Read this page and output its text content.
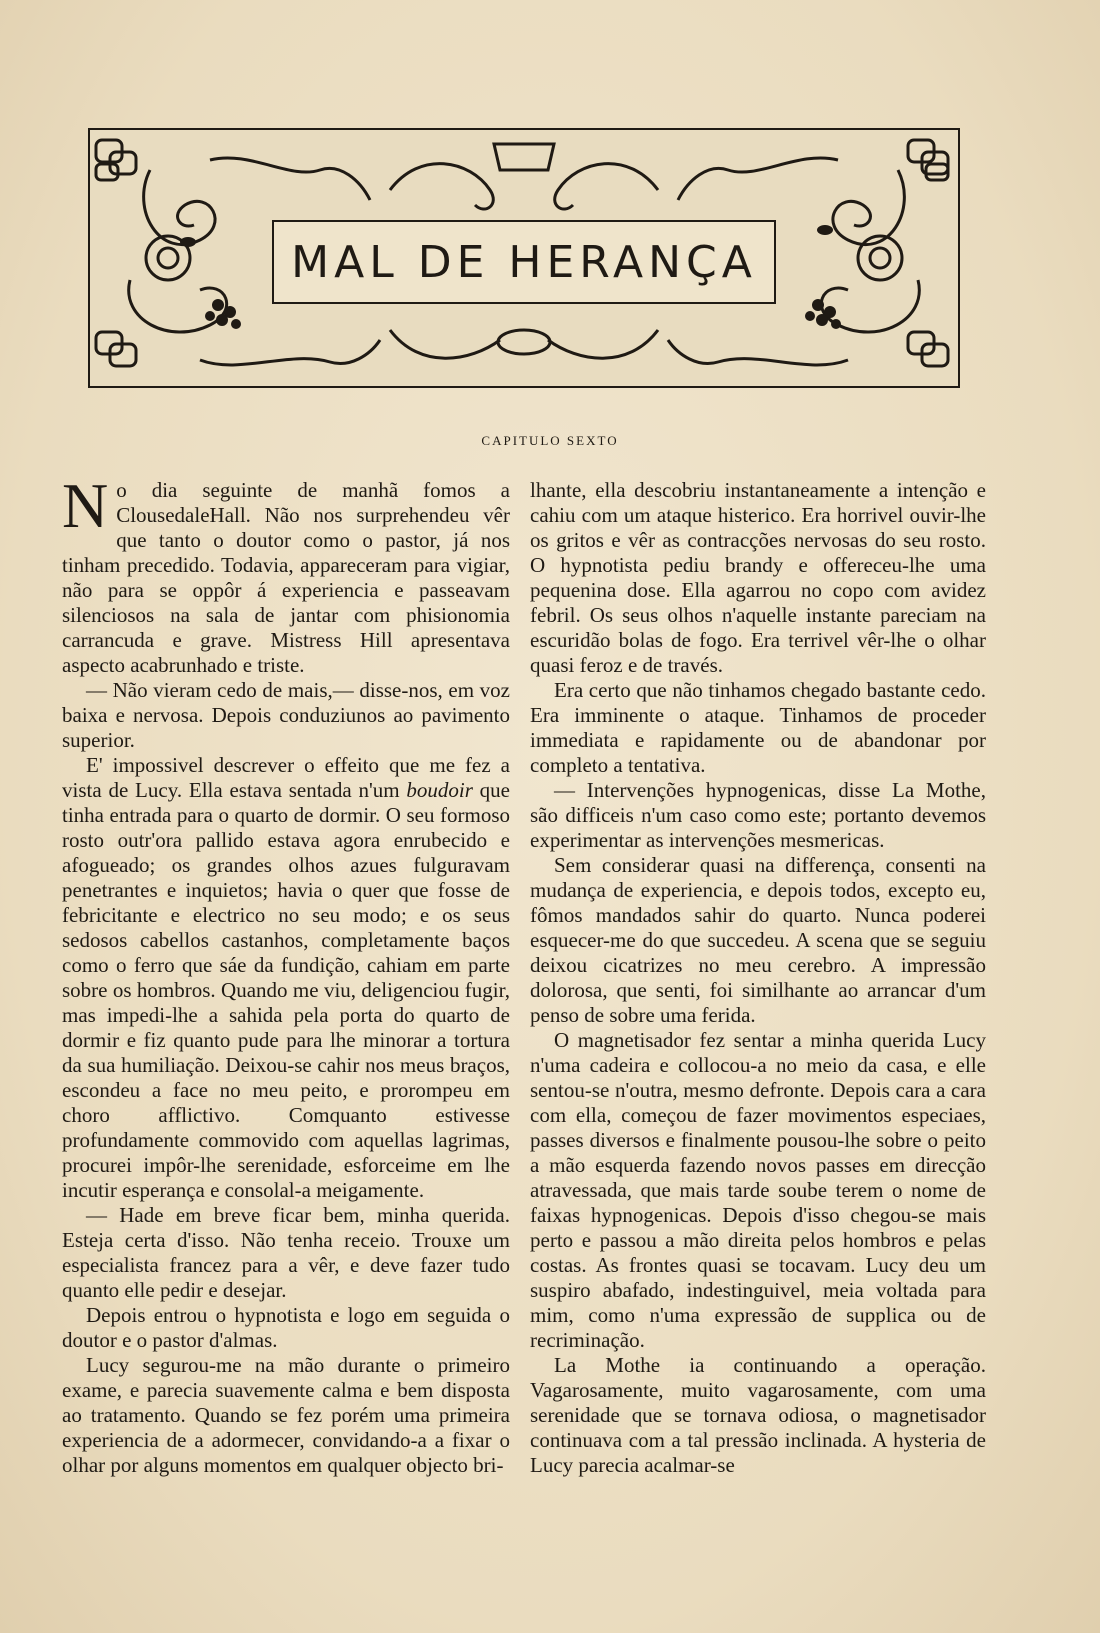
MAL DE HERANÇA
CAPITULO SEXTO

No dia seguinte de manhã fomos a ClousedaleHall. Não nos surprehendeu vêr que tanto o doutor como o pastor, já nos tinham precedido. Todavia, appareceram para vigiar, não para se oppôr á experiencia e passeavam silenciosos na sala de jantar com phisionomia carrancuda e grave. Mistress Hill apresentava aspecto acabrunhado e triste.

— Não vieram cedo de mais,— disse-nos, em voz baixa e nervosa. Depois conduziunos ao pavimento superior.

E' impossivel descrever o effeito que me fez a vista de Lucy. Ella estava sentada n'um boudoir que tinha entrada para o quarto de dormir. O seu formoso rosto outr'ora pallido estava agora enrubecido e afogueado; os grandes olhos azues fulguravam penetrantes e inquietos; havia o quer que fosse de febricitante e electrico no seu modo; e os seus sedosos cabellos castanhos, completamente baços como o ferro que sáe da fundição, cahiam em parte sobre os hombros. Quando me viu, deligenciou fugir, mas impedi-lhe a sahida pela porta do quarto de dormir e fiz quanto pude para lhe minorar a tortura da sua humiliação. Deixou-se cahir nos meus braços, escondeu a face no meu peito, e prorompeu em choro afflictivo. Comquanto estivesse profundamente commovido com aquellas lagrimas, procurei impôr-lhe serenidade, esforceime em lhe incutir esperança e consolal-a meigamente.

— Hade em breve ficar bem, minha querida. Esteja certa d'isso. Não tenha receio. Trouxe um especialista francez para a vêr, e deve fazer tudo quanto elle pedir e desejar.

Depois entrou o hypnotista e logo em seguida o doutor e o pastor d'almas.

Lucy segurou-me na mão durante o primeiro exame, e parecia suavemente calma e bem disposta ao tratamento. Quando se fez porém uma primeira experiencia de a adormecer, convidando-a a fixar o olhar por alguns momentos em qualquer objecto bri-

lhante, ella descobriu instantaneamente a intenção e cahiu com um ataque histerico. Era horrivel ouvir-lhe os gritos e vêr as contracções nervosas do seu rosto. O hypnotista pediu brandy e offereceu-lhe uma pequenina dose. Ella agarrou no copo com avidez febril. Os seus olhos n'aquelle instante pareciam na escuridão bolas de fogo. Era terrivel vêr-lhe o olhar quasi feroz e de través.

Era certo que não tinhamos chegado bastante cedo. Era imminente o ataque. Tinhamos de proceder immediata e rapidamente ou de abandonar por completo a tentativa.

— Intervenções hypnogenicas, disse La Mothe, são difficeis n'um caso como este; portanto devemos experimentar as intervenções mesmericas.

Sem considerar quasi na differença, consenti na mudança de experiencia, e depois todos, excepto eu, fômos mandados sahir do quarto. Nunca poderei esquecer-me do que succedeu. A scena que se seguiu deixou cicatrizes no meu cerebro. A impressão dolorosa, que senti, foi similhante ao arrancar d'um penso de sobre uma ferida.

O magnetisador fez sentar a minha querida Lucy n'uma cadeira e collocou-a no meio da casa, e elle sentou-se n'outra, mesmo defronte. Depois cara a cara com ella, começou de fazer movimentos especiaes, passes diversos e finalmente pousou-lhe sobre o peito a mão esquerda fazendo novos passes em direcção atravessada, que mais tarde soube terem o nome de faixas hypnogenicas. Depois d'isso chegou-se mais perto e passou a mão direita pelos hombros e pelas costas. As frontes quasi se tocavam. Lucy deu um suspiro abafado, indestinguivel, meia voltada para mim, como n'uma expressão de supplica ou de recriminação.

La Mothe ia continuando a operação. Vagarosamente, muito vagarosamente, com uma serenidade que se tornava odiosa, o magnetisador continuava com a tal pressão inclinada. A hysteria de Lucy parecia acalmar-se
